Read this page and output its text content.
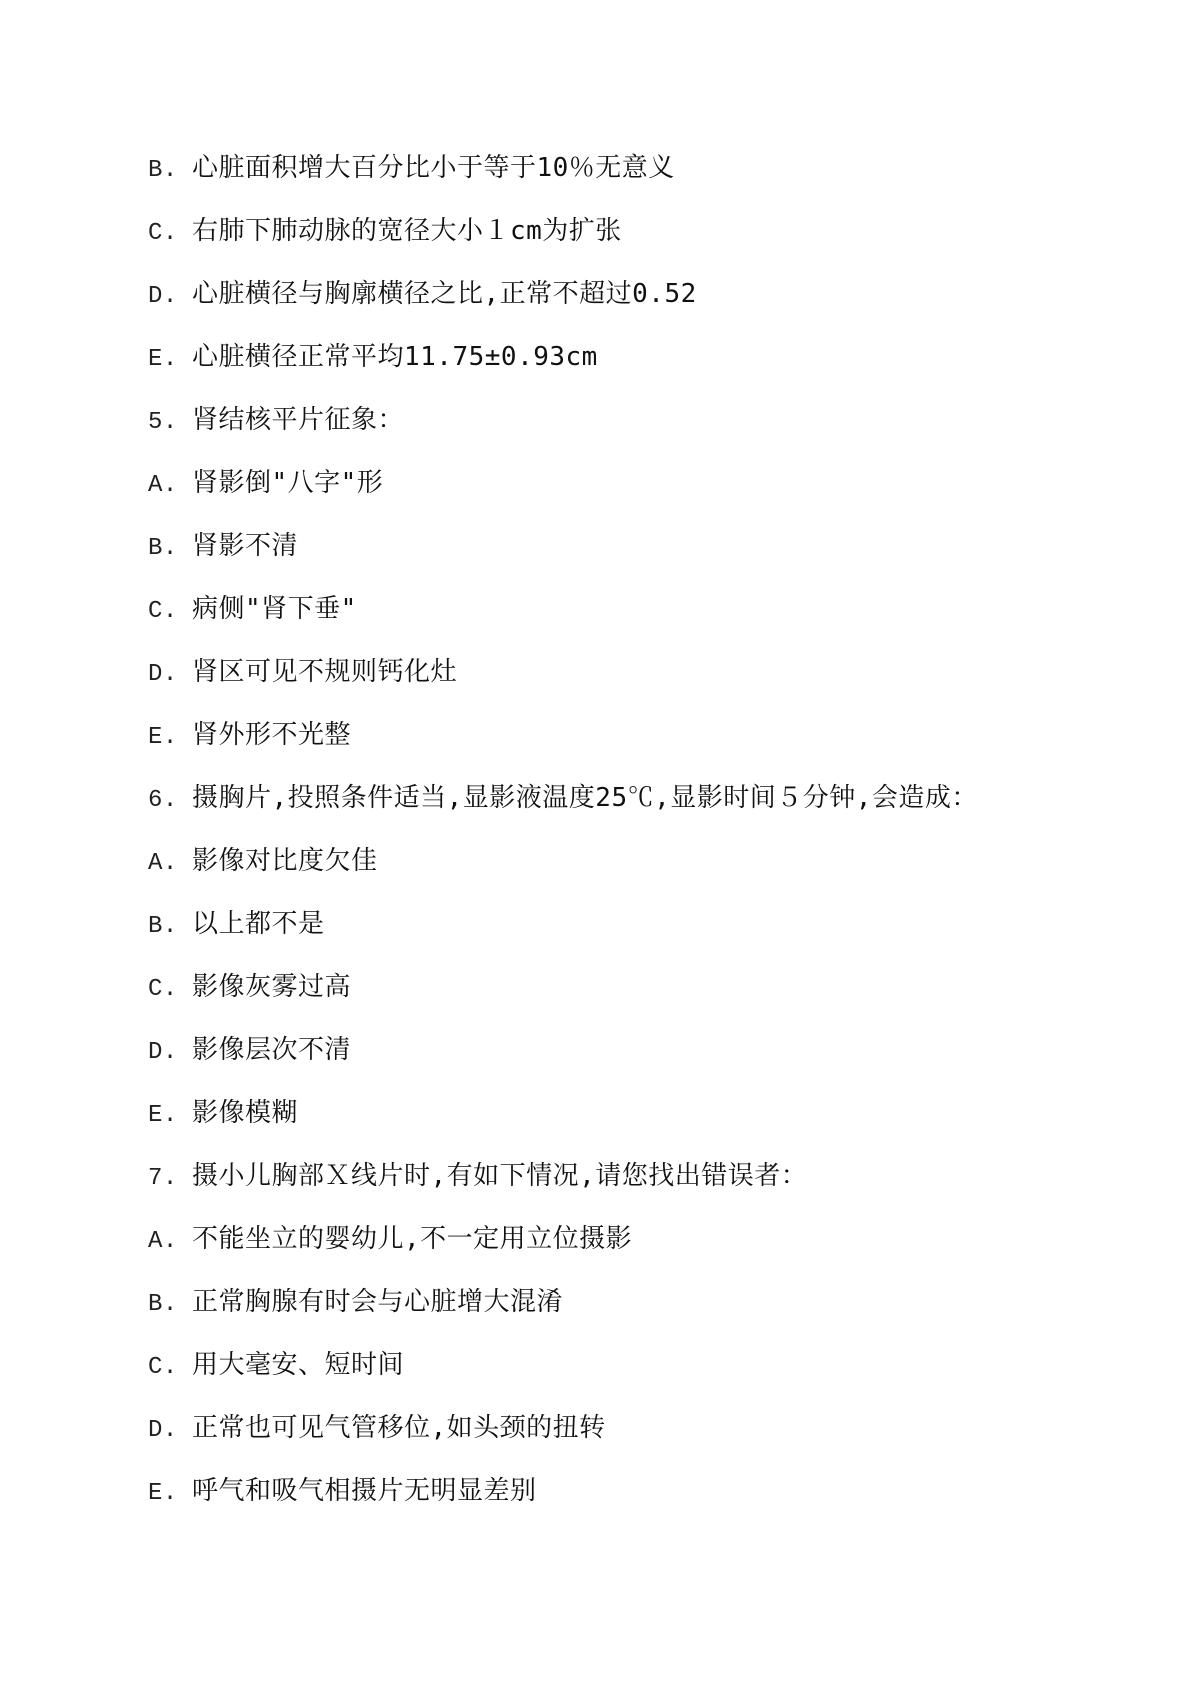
B. 心脏面积增大百分比小于等于10％无意义
C. 右肺下肺动脉的宽径大小１cm为扩张
D. 心脏横径与胸廓横径之比,正常不超过0.52
E. 心脏横径正常平均11.75±0.93cm
5. 肾结核平片征象：
A. 肾影倒"八字"形
B. 肾影不清
C. 病侧"肾下垂"
D. 肾区可见不规则钙化灶
E. 肾外形不光整
6. 摄胸片,投照条件适当,显影液温度25℃,显影时间５分钟,会造成：
A. 影像对比度欠佳
B. 以上都不是
C. 影像灰雾过高
D. 影像层次不清
E. 影像模糊
7. 摄小儿胸部Ｘ线片时,有如下情况,请您找出错误者：
A. 不能坐立的婴幼儿,不一定用立位摄影
B. 正常胸腺有时会与心脏增大混淆
C. 用大毫安、短时间
D. 正常也可见气管移位,如头颈的扭转
E. 呼气和吸气相摄片无明显差别
